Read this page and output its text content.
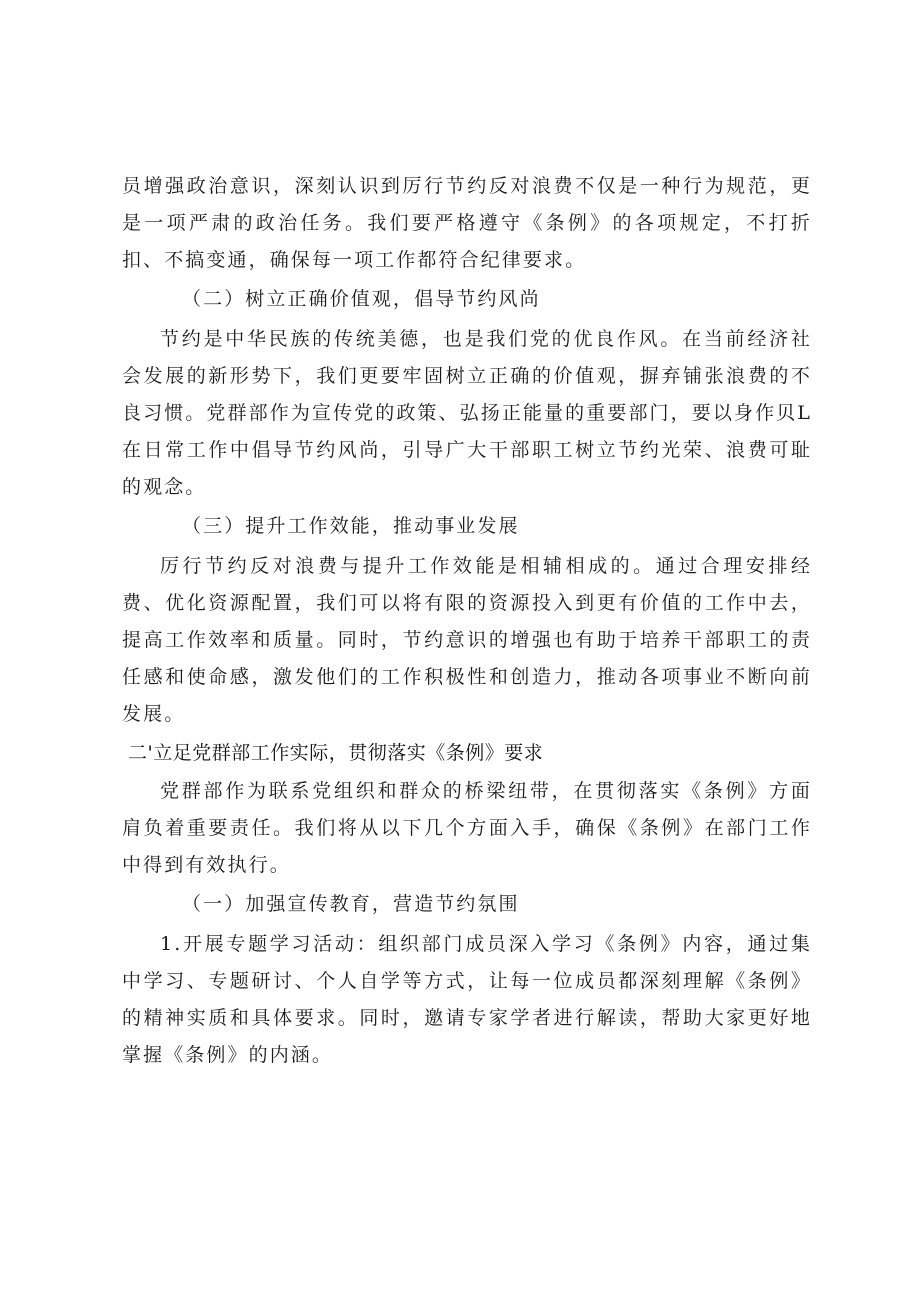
员增强政治意识，深刻认识到厉行节约反对浪费不仅是一种行为规范，更是一项严肃的政治任务。我们要严格遵守《条例》的各项规定，不打折扣、不搞变通，确保每一项工作都符合纪律要求。

（二）树立正确价值观，倡导节约风尚

节约是中华民族的传统美德，也是我们党的优良作风。在当前经济社会发展的新形势下，我们更要牢固树立正确的价值观，摒弃铺张浪费的不良习惯。党群部作为宣传党的政策、弘扬正能量的重要部门，要以身作贝L在日常工作中倡导节约风尚，引导广大干部职工树立节约光荣、浪费可耻的观念。

（三）提升工作效能，推动事业发展

厉行节约反对浪费与提升工作效能是相辅相成的。通过合理安排经费、优化资源配置，我们可以将有限的资源投入到更有价值的工作中去，提高工作效率和质量。同时，节约意识的增强也有助于培养干部职工的责任感和使命感，激发他们的工作积极性和创造力，推动各项事业不断向前发展。

二'立足党群部工作实际，贯彻落实《条例》要求

党群部作为联系党组织和群众的桥梁纽带，在贯彻落实《条例》方面肩负着重要责任。我们将从以下几个方面入手，确保《条例》在部门工作中得到有效执行。

（一）加强宣传教育，营造节约氛围

1.开展专题学习活动：组织部门成员深入学习《条例》内容，通过集中学习、专题研讨、个人自学等方式，让每一位成员都深刻理解《条例》的精神实质和具体要求。同时，邀请专家学者进行解读，帮助大家更好地掌握《条例》的内涵。
